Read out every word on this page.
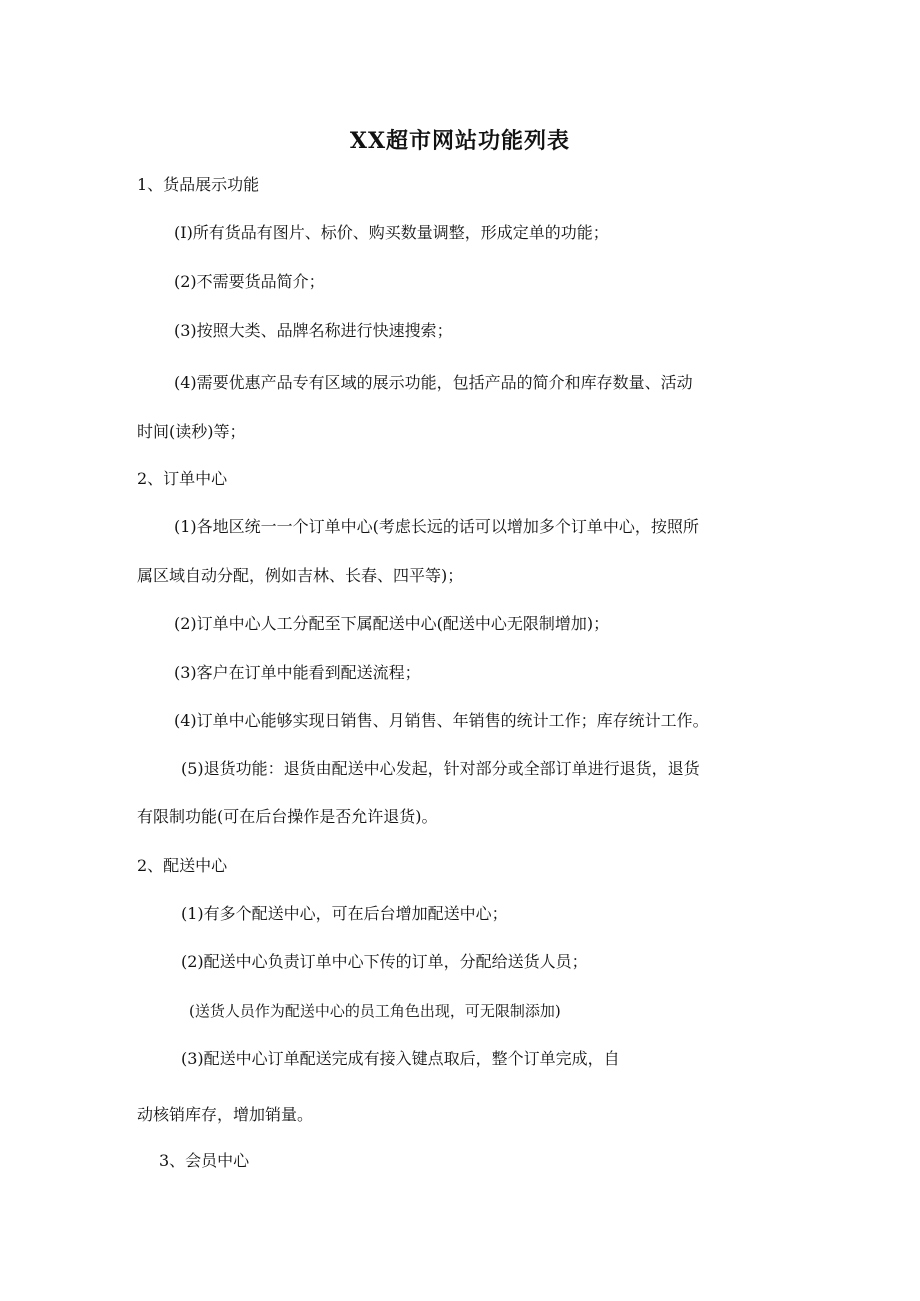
XX超市网站功能列表
1、货品展示功能
(I)所有货品有图片、标价、购买数量调整，形成定单的功能；
(2)不需要货品简介；
(3)按照大类、品牌名称进行快速搜索；
(4)需要优惠产品专有区域的展示功能，包括产品的简介和库存数量、活动
时间(读秒)等；
2、订单中心
(1)各地区统一一个订单中心(考虑长远的话可以增加多个订单中心，按照所
属区域自动分配，例如吉林、长春、四平等)；
(2)订单中心人工分配至下属配送中心(配送中心无限制增加)；
(3)客户在订单中能看到配送流程；
(4)订单中心能够实现日销售、月销售、年销售的统计工作；库存统计工作。
(5)退货功能：退货由配送中心发起，针对部分或全部订单进行退货，退货
有限制功能(可在后台操作是否允许退货)。
2、配送中心
(1)有多个配送中心，可在后台增加配送中心；
(2)配送中心负责订单中心下传的订单，分配给送货人员；
(送货人员作为配送中心的员工角色出现，可无限制添加)
(3)配送中心订单配送完成有接入键点取后，整个订单完成，自
动核销库存，增加销量。
3、会员中心
